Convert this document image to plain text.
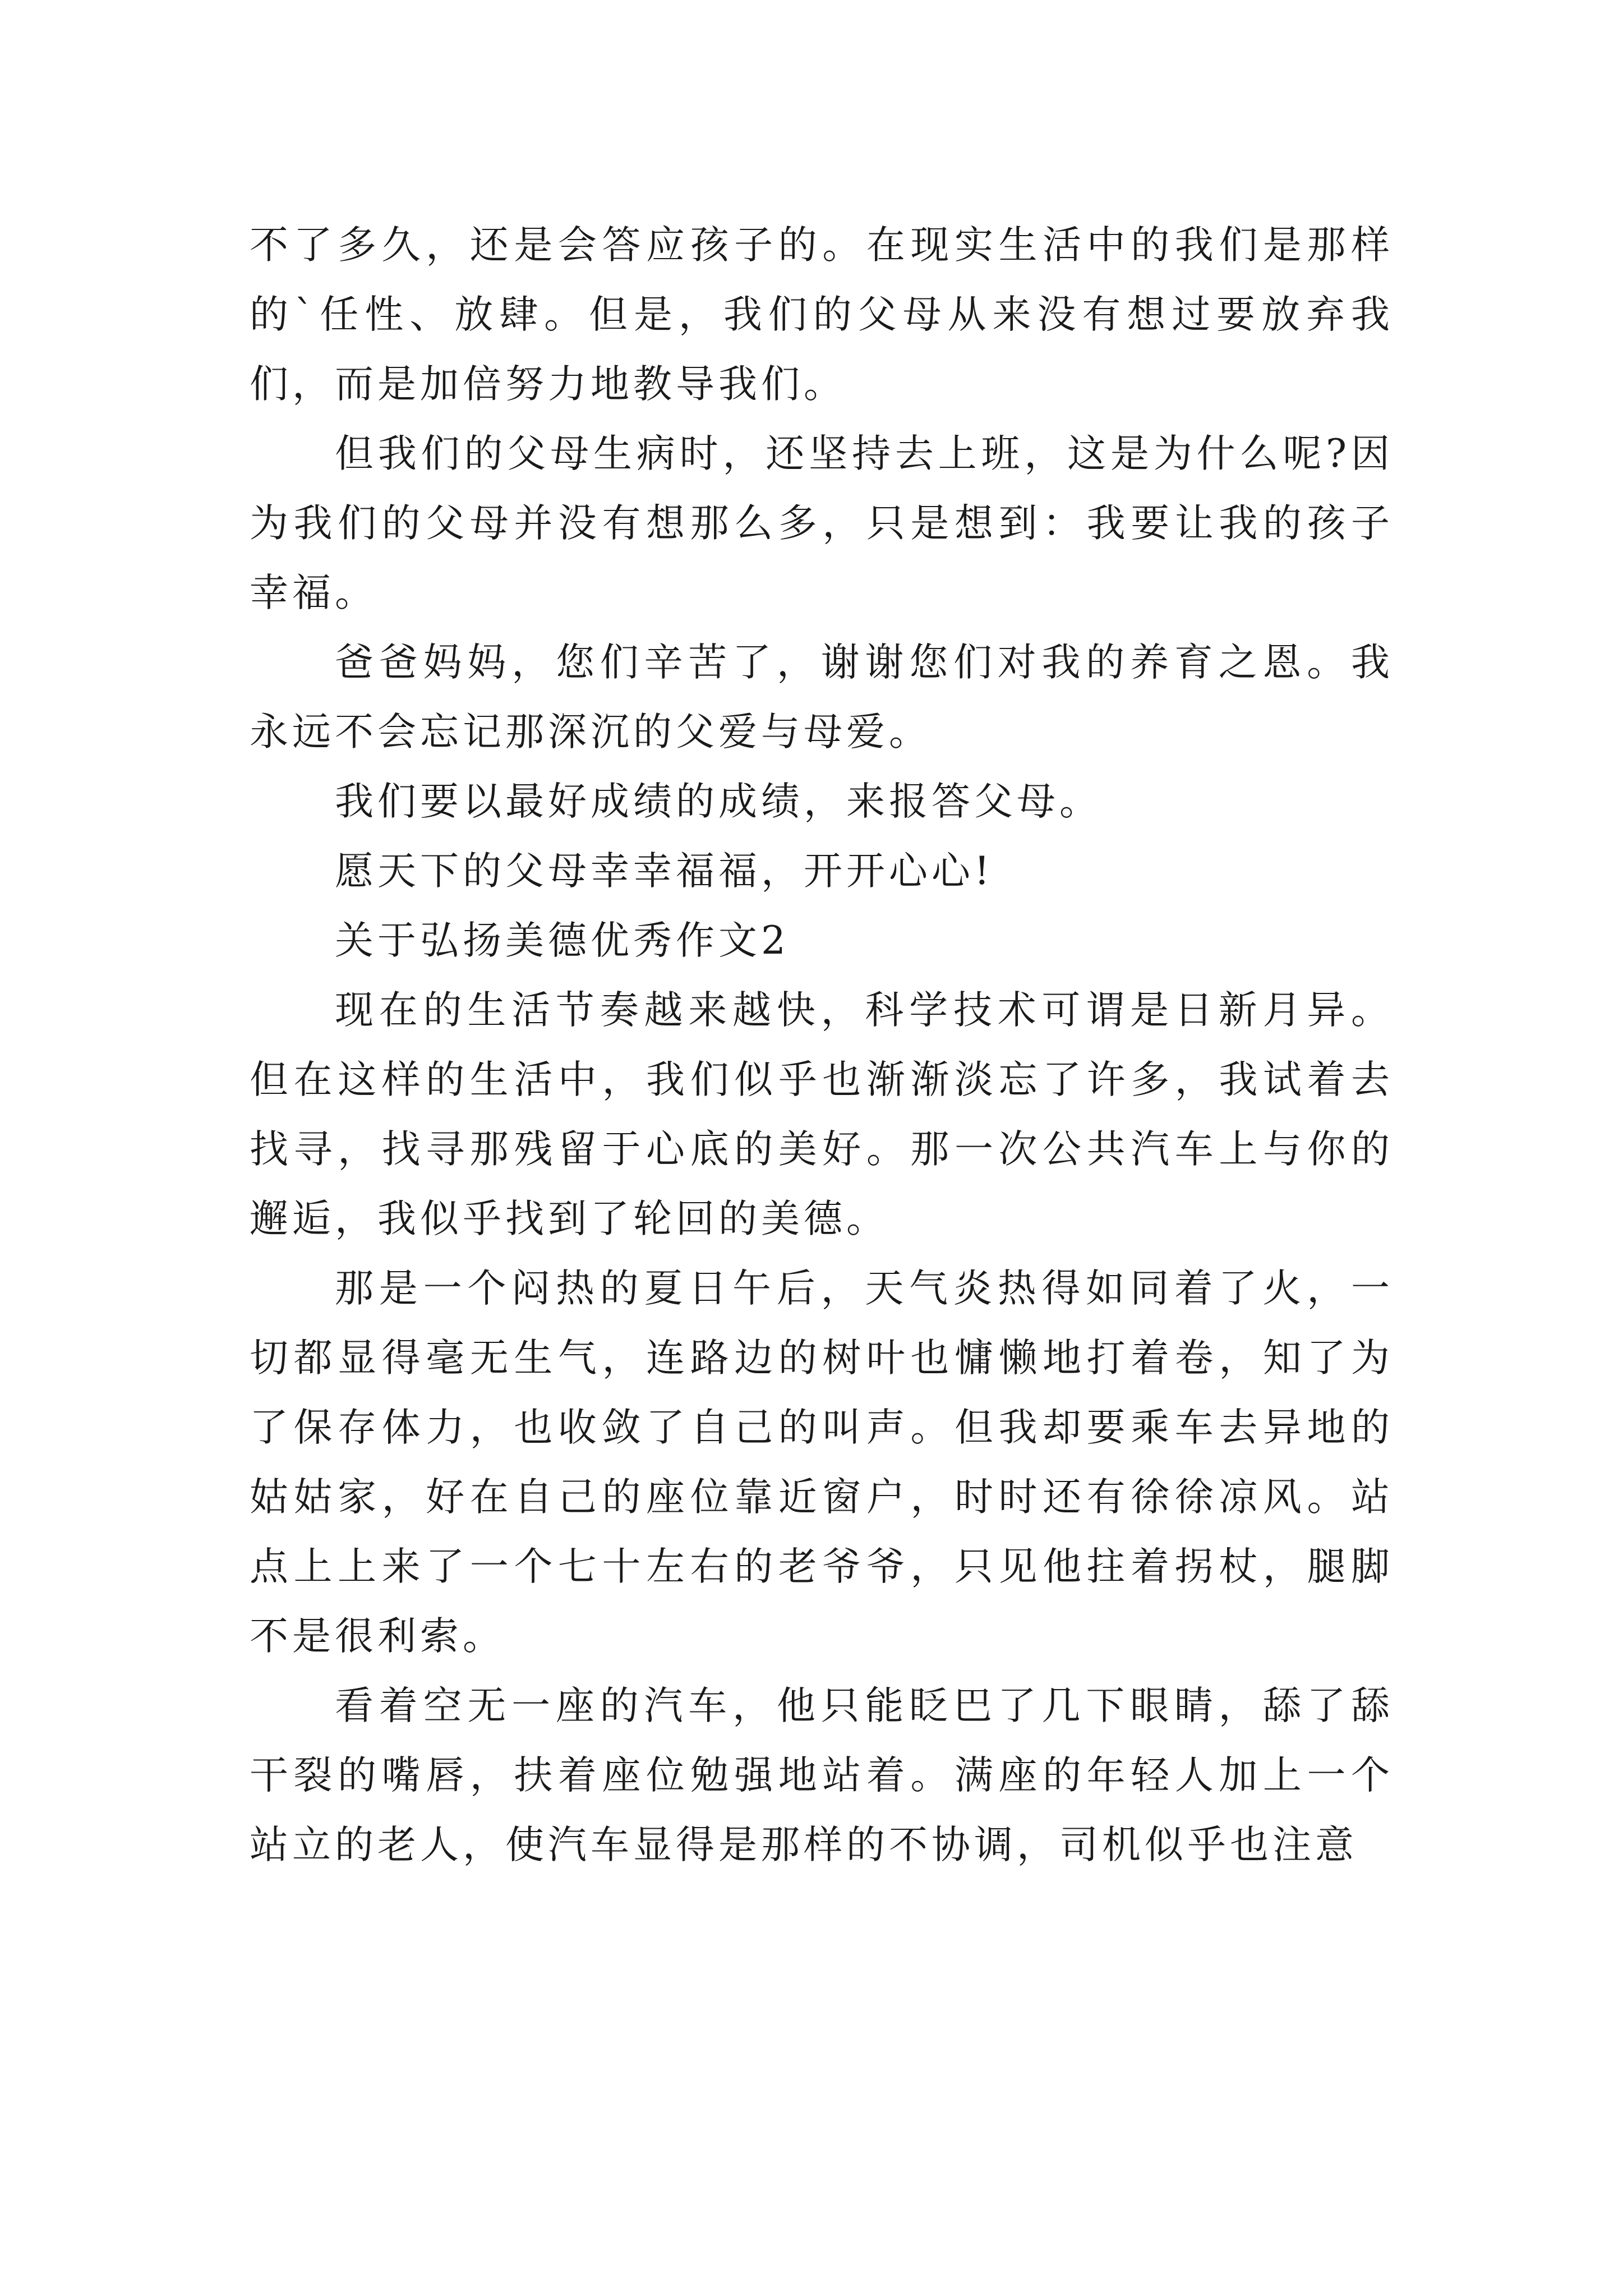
不了多久，还是会答应孩子的。在现实生活中的我们是那样的`任性、放肆。但是，我们的父母从来没有想过要放弃我们，而是加倍努力地教导我们。

但我们的父母生病时，还坚持去上班，这是为什么呢?因为我们的父母并没有想那么多，只是想到：我要让我的孩子幸福。

爸爸妈妈，您们辛苦了，谢谢您们对我的养育之恩。我永远不会忘记那深沉的父爱与母爱。

我们要以最好成绩的成绩，来报答父母。

愿天下的父母幸幸福福，开开心心!

关于弘扬美德优秀作文2

现在的生活节奏越来越快，科学技术可谓是日新月异。但在这样的生活中，我们似乎也渐渐淡忘了许多，我试着去找寻，找寻那残留于心底的美好。那一次公共汽车上与你的邂逅，我似乎找到了轮回的美德。

那是一个闷热的夏日午后，天气炎热得如同着了火，一切都显得毫无生气，连路边的树叶也慵懒地打着卷，知了为了保存体力，也收敛了自己的叫声。但我却要乘车去异地的姑姑家，好在自己的座位靠近窗户，时时还有徐徐凉风。站点上上来了一个七十左右的老爷爷，只见他拄着拐杖，腿脚不是很利索。

看着空无一座的汽车，他只能眨巴了几下眼睛，舔了舔干裂的嘴唇，扶着座位勉强地站着。满座的年轻人加上一个站立的老人，使汽车显得是那样的不协调，司机似乎也注意
